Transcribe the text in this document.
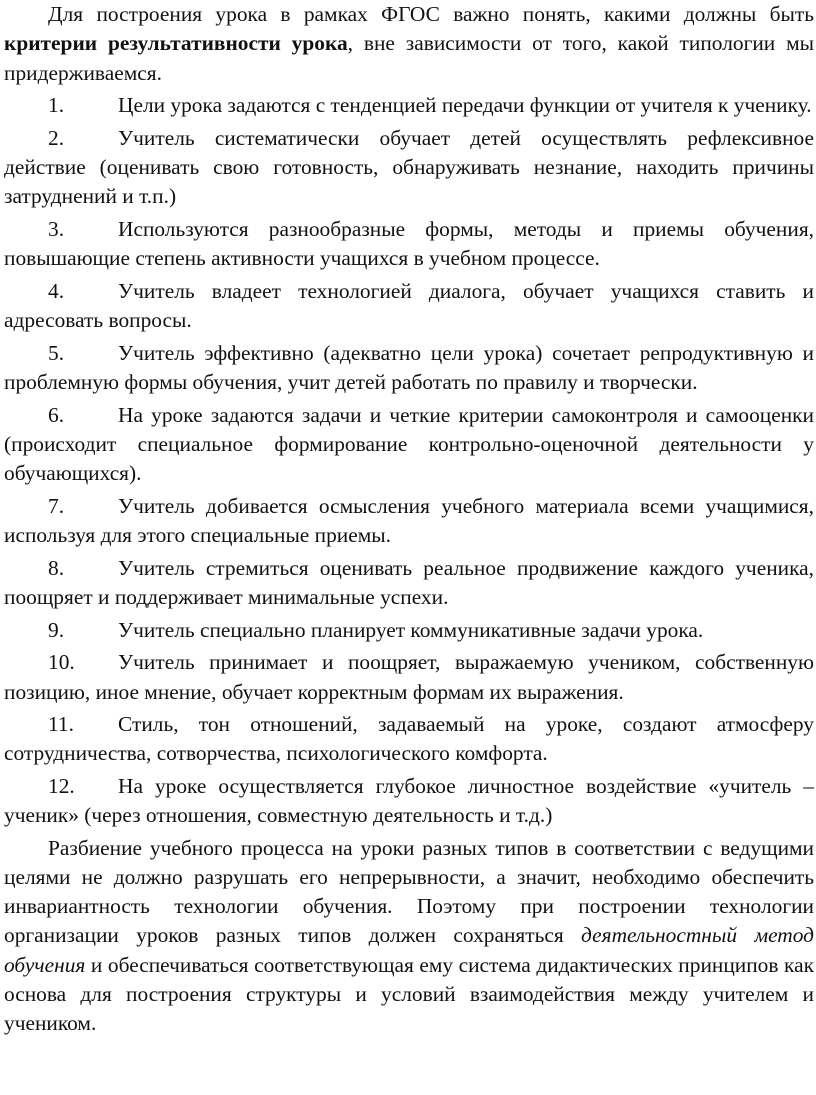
Для построения урока в рамках ФГОС важно понять, какими должны быть критерии результативности урока, вне зависимости от того, какой типологии мы придерживаемся.

1.	Цели урока задаются с тенденцией передачи функции от учителя к ученику.

2.	Учитель систематически обучает детей осуществлять рефлексивное действие (оценивать свою готовность, обнаруживать незнание, находить причины затруднений и т.п.)

3.	Используются разнообразные формы, методы и приемы обучения, повышающие степень активности учащихся в учебном процессе.

4.	Учитель владеет технологией диалога, обучает учащихся ставить и адресовать вопросы.

5.	Учитель эффективно (адекватно цели урока) сочетает репродуктивную и проблемную формы обучения, учит детей работать по правилу и творчески.

6.	На уроке задаются задачи и четкие критерии самоконтроля и самооценки (происходит специальное формирование контрольно-оценочной деятельности у обучающихся).

7.	Учитель добивается осмысления учебного материала всеми учащимися, используя для этого специальные приемы.

8.	Учитель стремиться оценивать реальное продвижение каждого ученика, поощряет и поддерживает минимальные успехи.

9.	Учитель специально планирует коммуникативные задачи урока.

10. Учитель принимает и поощряет, выражаемую учеником, собственную позицию, иное мнение, обучает корректным формам их выражения.

11. Стиль, тон отношений, задаваемый на уроке, создают атмосферу сотрудничества, сотворчества, психологического комфорта.

12. На уроке осуществляется глубокое личностное воздействие «учитель – ученик» (через отношения, совместную деятельность и т.д.)

Разбиение учебного процесса на уроки разных типов в соответствии с ведущими целями не должно разрушать его непрерывности, а значит, необходимо обеспечить инвариантность технологии обучения. Поэтому при построении технологии организации уроков разных типов должен сохраняться деятельностный метод обучения и обеспечиваться соответствующая ему система дидактических принципов как основа для построения структуры и условий взаимодействия между учителем и учеником.
